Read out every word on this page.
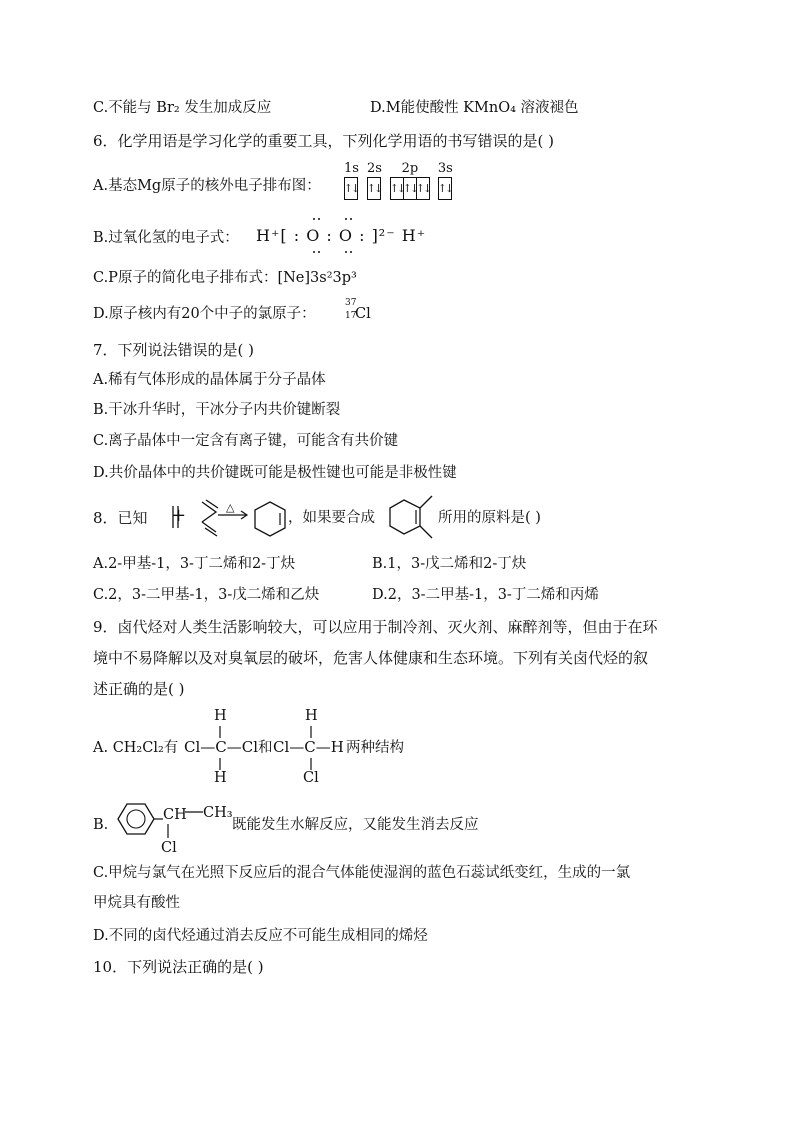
C.不能与 Br₂ 发生加成反应	D.M能使酸性 KMnO₄ 溶液褪色
6．化学用语是学习化学的重要工具，下列化学用语的书写错误的是( )
A.基态Mg原子的核外电子排布图：
1s
↑↓
2s
↑↓
2p
↑↓
↑↓
↑↓
3s
↑↓
B.过氧化氢的电子式： H⁺[ : O : O : ]²⁻ H⁺
C.P原子的简化电子排布式：[Ne]3s²3p³
D.原子核内有20个中子的氯原子：
37
17
Cl
7．下列说法错误的是( )
A.稀有气体形成的晶体属于分子晶体
B.干冰升华时，干冰分子内共价键断裂
C.离子晶体中一定含有离子键，可能含有共价键
D.共价晶体中的共价键既可能是极性键也可能是非极性键
8．已知 +	△
，如果要合成	所用的原料是( )
A.2-甲基-1，3-丁二烯和2-丁炔	B.1，3-戊二烯和2-丁炔
C.2，3-二甲基-1，3-戊二烯和乙炔	D.2，3-二甲基-1，3-丁二烯和丙烯
9．卤代烃对人类生活影响较大，可以应用于制冷剂、灭火剂、麻醉剂等，但由于在环
境中不易降解以及对臭氧层的破坏，危害人体健康和生态环境。下列有关卤代烃的叙
述正确的是( )
A. CH₂Cl₂有
H
H
Cl—C—Cl 和
H
Cl
Cl—C—H 两种结构
B.
CH CH₃
Cl
既能发生水解反应，又能发生消去反应
C.甲烷与氯气在光照下反应后的混合气体能使湿润的蓝色石蕊试纸变红，生成的一氯
甲烷具有酸性
D.不同的卤代烃通过消去反应不可能生成相同的烯烃
10．下列说法正确的是( )
